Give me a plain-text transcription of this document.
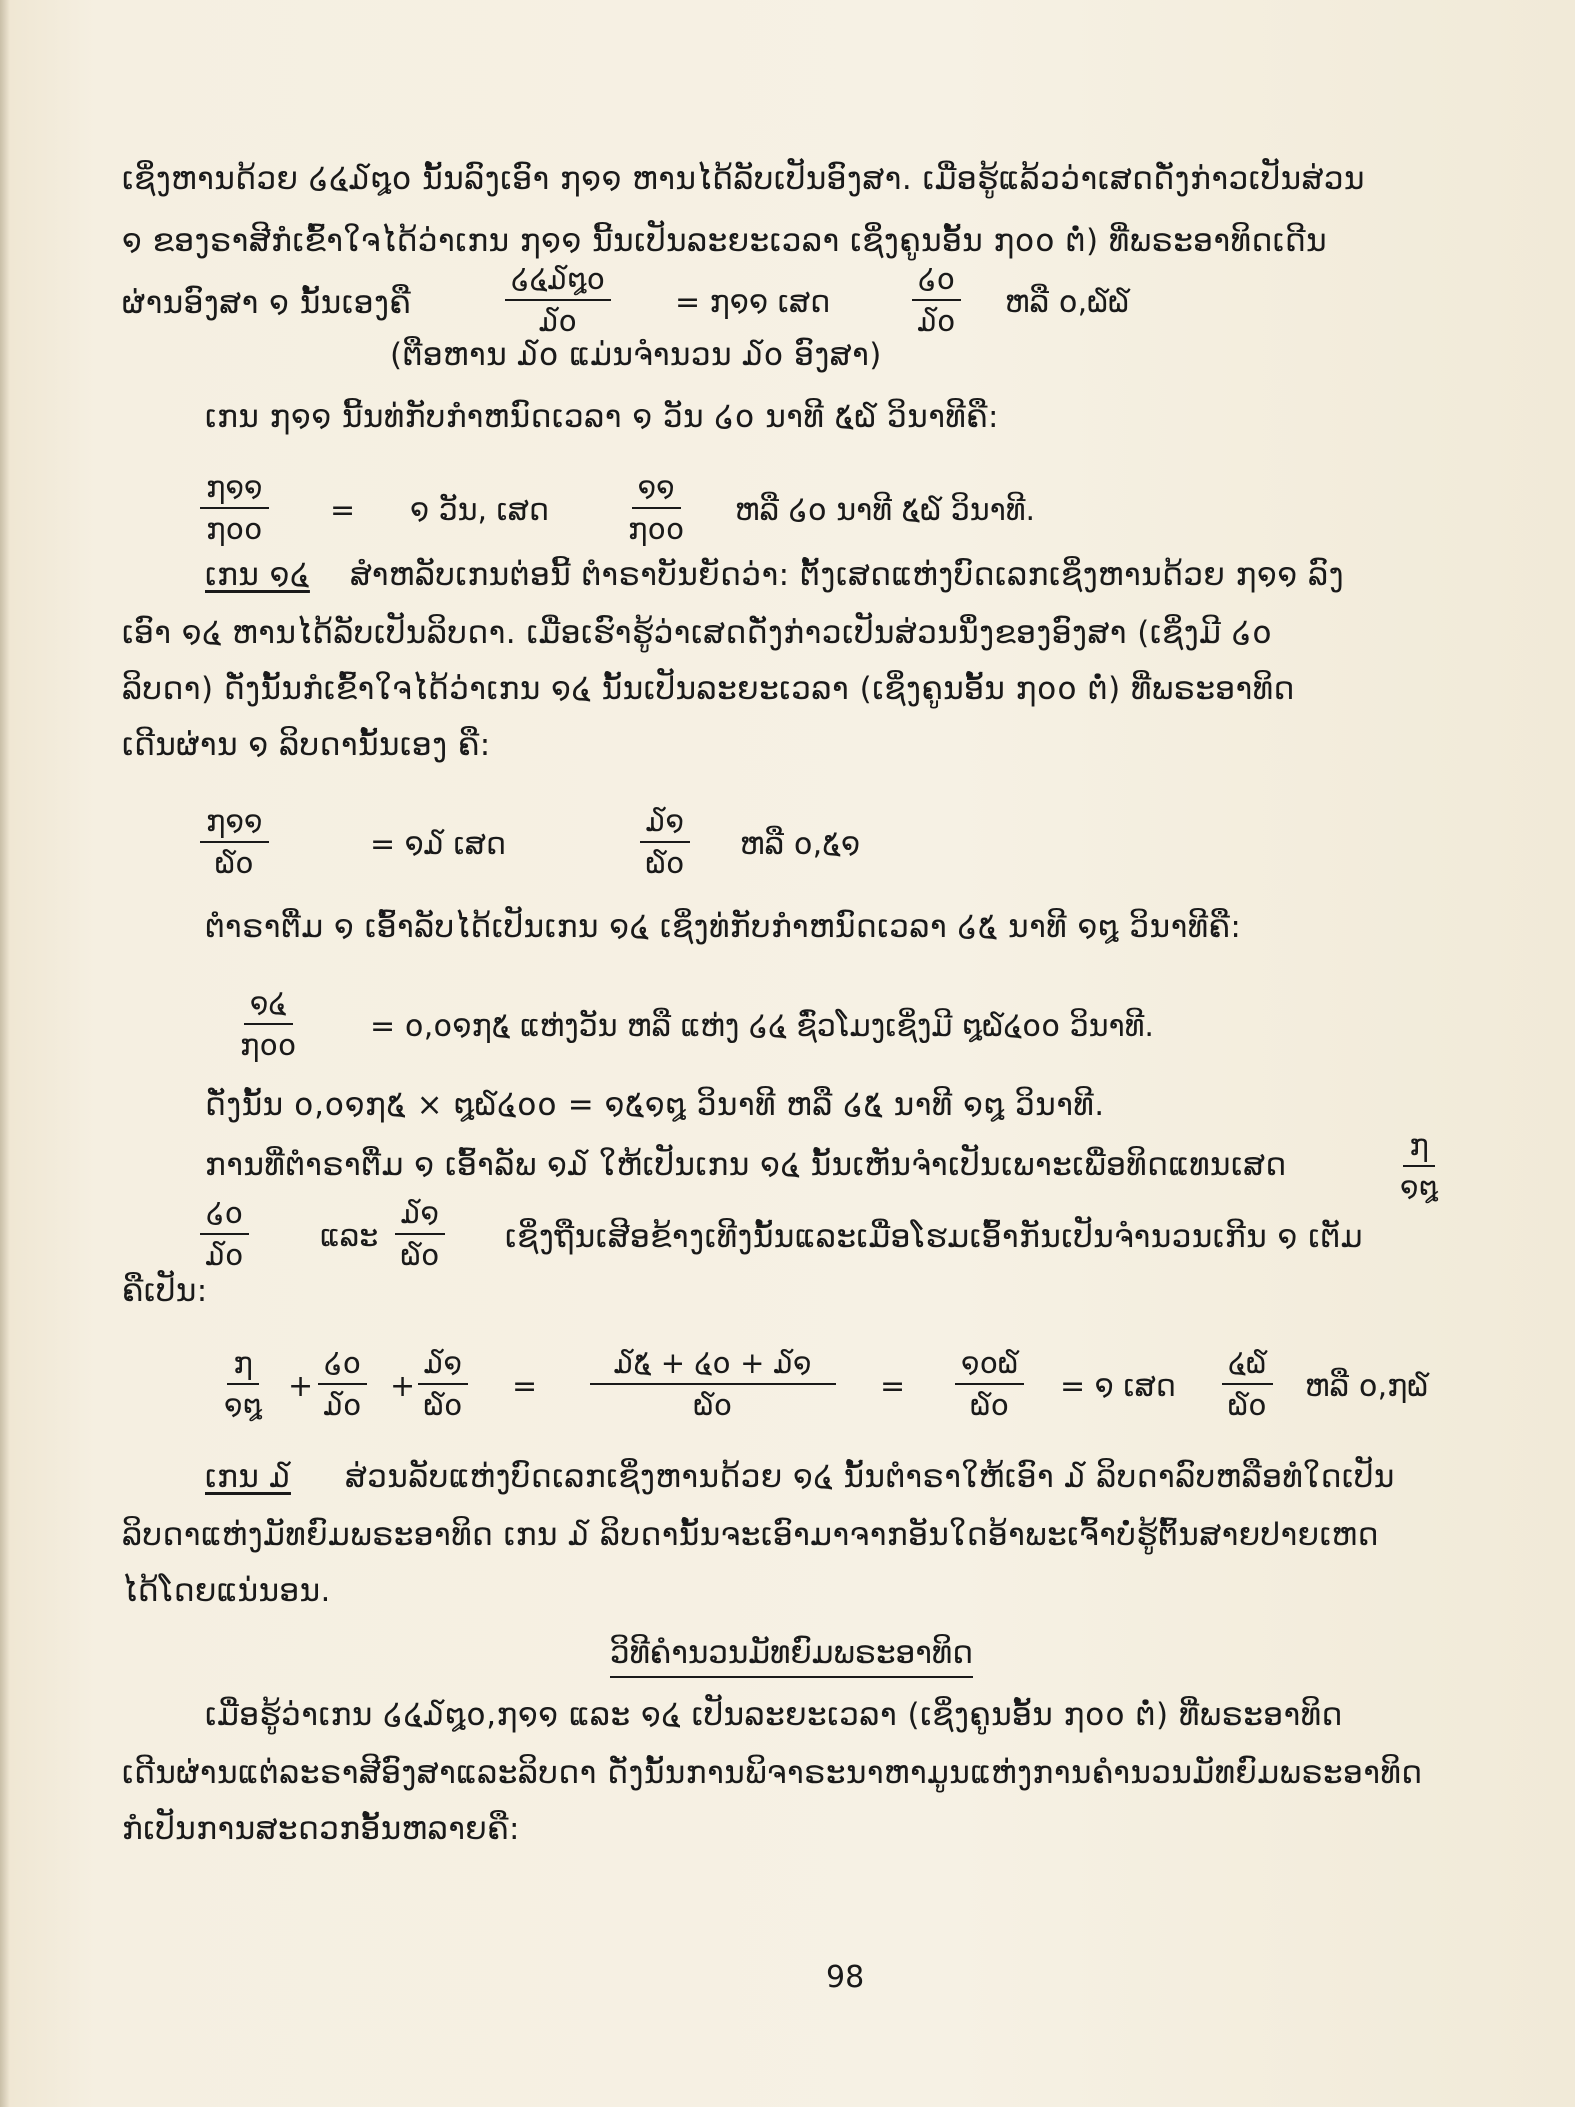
ເຊິ່ງຫານດ້ວຍ ໒໔໓໘໐ ນັ້ນລົງເອົາ ໗໑໑ ຫານໄດ້ລັບເປັນອົງສາ. ເມື່ອຮູ້ແລ້ວວ່າເສດດັ່ງກ່າວເປັນສ່ວນ
໑ ຂອງຣາສີກໍເຂົ້າໃຈໄດ້ວ່າເກນ ໗໑໑ ນີ້ນເປັນລະຍະເວລາ ເຊິ່ງຄູນອັ້ນ ໗໐໐ ຕໍ່) ທີ່ພຣະອາທິດເດີນ
ຜ່ານອົງສາ ໑ ນັ້ນເອງຄື
໒໔໓໘໐
໓໐
= ໗໑໑ ເສດ
໒໐
໓໐
ຫລື ໐,໖໖
(ຕືອຫານ ໓໐ ແມ່ນຈຳນວນ ໓໐ ອົງສາ)
ເກນ ໗໑໑ ນີ້ນທ່ກັບກຳຫນົດເວລາ ໑ ວັນ ໒໐ ນາທີ ໕໖ ວິນາທີຄື:
໗໑໑
໗໐໐
= ໑ ວັນ, ເສດ
໑໑
໗໐໐
ຫລື ໒໐ ນາທີ ໕໖ ວິນາທີ.
ເກນ ໑໔ ສຳຫລັບເກນຕ່ອນີ້ ຕຳຣາບັນຍັດວ່າ: ຕັ້ງເສດແຫ່ງບົດເລກເຊິ່ງຫານດ້ວຍ ໗໑໑ ລົງ
ເອົາ ໑໔ ຫານໄດ້ລັບເປັນລິບດາ. ເມື່ອເຮົາຮູ້ວ່າເສດດັ່ງກ່າວເປັນສ່ວນນຶ່ງຂອງອົງສາ (ເຊິ່ງມີ ໒໐
ລິບດາ) ດັ່ງນັ້ນກໍເຂົ້າໃຈໄດ້ວ່າເກນ ໑໔ ນັ້ນເປັນລະຍະເວລາ (ເຊິ່ງຄູນອັ້ນ ໗໐໐ ຕໍ່) ທີ່ພຣະອາທິດ
ເດີນຜ່ານ ໑ ລິບດານັ້ນເອງ ຄື:
໗໑໑
໖໐
= ໑໓ ເສດ
໓໑
໖໐
ຫລື ໐,໕໑
ຕຳຣາຕື່ມ ໑ ເອົ້າລັບໄດ້ເປັນເກນ ໑໔ ເຊິ່ງທ່ກັບກຳຫນົດເວລາ ໒໕ ນາທີ ໑໘ ວິນາທີຄື:
໑໔
໗໐໐
= ໐,໐໑໗໕ ແຫ່ງວັນ ຫລື ແຫ່ງ ໒໔ ຊົ່ວໂມງເຊິ່ງມີ ໘໖໔໐໐ ວິນາທີ.
ດັ່ງນັ້ນ ໐,໐໑໗໕ × ໘໖໔໐໐ = ໑໕໑໘ ວິນາທີ ຫລື ໒໕ ນາທີ ໑໘ ວິນາທີ.
ການທີ່ຕຳຣາຕື່ມ ໑ ເອົ້າລັພ ໑໓ ໃຫ້ເປັນເກນ ໑໔ ນັ້ນເຫັນຈຳເປັນເພາະເພື່ອທິດແທນເສດ
໗
໑໘
໒໐
໓໐
ແລະ
໓໑
໖໐ ເຊິ່ງຖືນເສີອຂ້າງເທີງນັ້ນແລະເມື່ອໂຮມເອົ້າກັນເປັນຈຳນວນເກີນ ໑ ເຕັມ
ຄືເປັນ:
໗
໑໘
+
໒໐
໓໐
+
໓໑
໖໐
=
໓໕ + ໔໐ + ໓໑
໖໐
=
໑໐໖
໖໐
= ໑ ເສດ
໔໖
໖໐
ຫລື ໐,໗໖
ເກນ ໓ ສ່ວນລັບແຫ່ງບົດເລກເຊິ່ງຫານດ້ວຍ ໑໔ ນັ້ນຕຳຣາໃຫ້ເອົາ ໓ ລິບດາລົບຫລືອທໍໃດເປັນ
ລິບດາແຫ່ງມັທຍົມພຣະອາທິດ ເກນ ໓ ລິບດານັ້ນຈະເອົາມາຈາກອັນໃດອ້າພະເຈົ້າບໍ່ຮູ້ຕົ້ນສາຍປາຍເຫດ
ໄດ້ໂດຍແນ່ນອນ.
ວິທີຄຳນວນມັທຍົມພຣະອາທິດ
ເມື່ອຮູ້ວ່າເກນ ໒໔໓໘໐,໗໑໑ ແລະ ໑໔ ເປັນລະຍະເວລາ (ເຊິ່ງຄູນອັ້ນ ໗໐໐ ຕໍ່) ທີ່ພຣະອາທິດ
ເດີນຜ່ານແຕ່ລະຣາສີອົງສາແລະລິບດາ ດັ່ງນັ້ນການພິຈາຣະນາຫາມູນແຫ່ງການຄຳນວນມັທຍົມພຣະອາທິດ
ກໍເປັນການສະດວກອັ້ນຫລາຍຄື:
98
